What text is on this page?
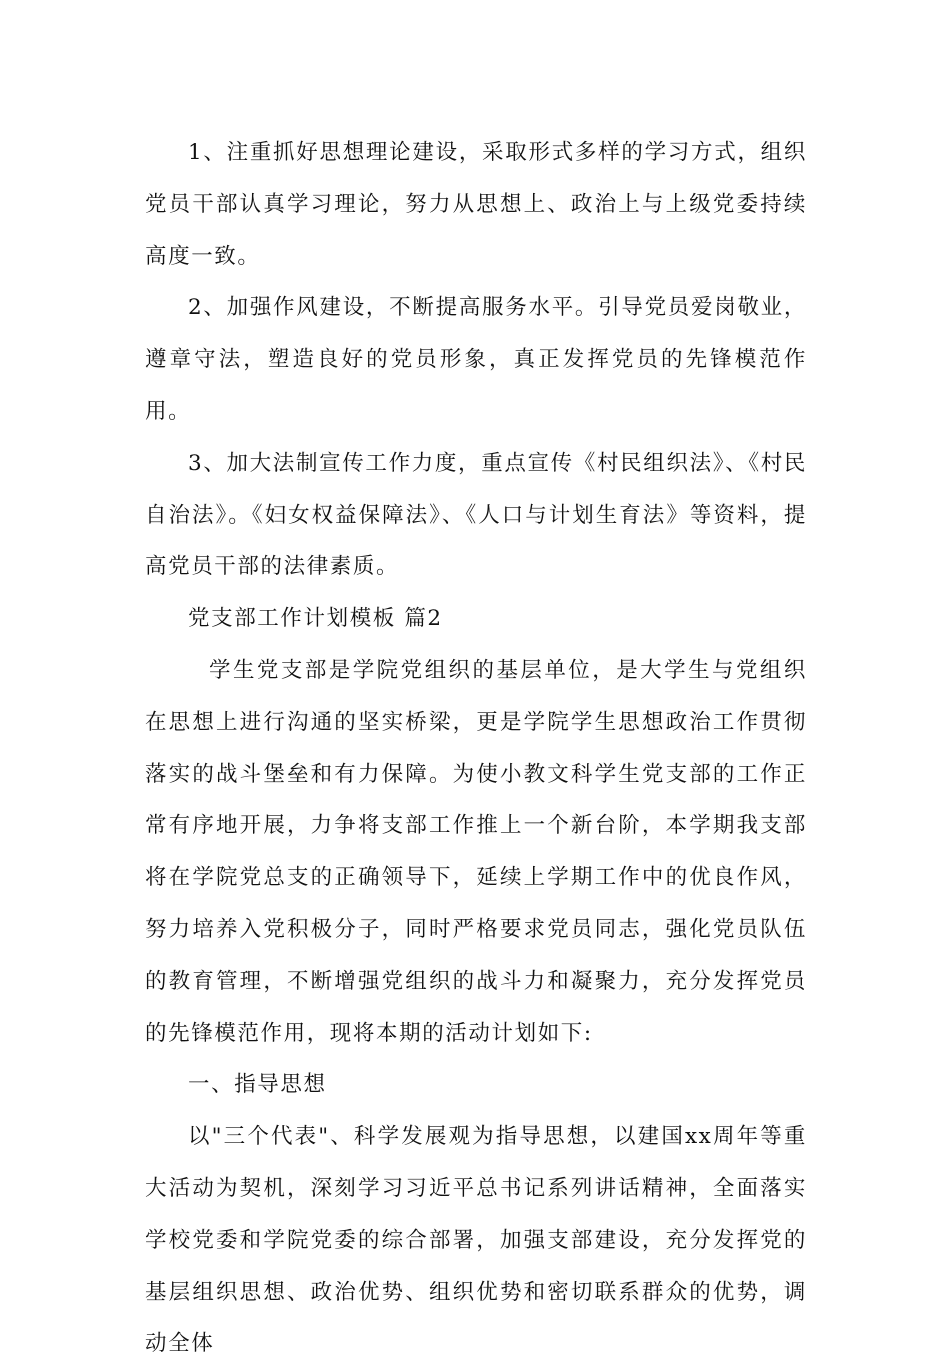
1、注重抓好思想理论建设，采取形式多样的学习方式，组织党员干部认真学习理论，努力从思想上、政治上与上级党委持续高度一致。

2、加强作风建设，不断提高服务水平。引导党员爱岗敬业，遵章守法，塑造良好的党员形象，真正发挥党员的先锋模范作用。

3、加大法制宣传工作力度，重点宣传《村民组织法》、《村民自治法》。《妇女权益保障法》、《人口与计划生育法》等资料，提高党员干部的法律素质。

党支部工作计划模板 篇2

学生党支部是学院党组织的基层单位，是大学生与党组织在思想上进行沟通的坚实桥梁，更是学院学生思想政治工作贯彻落实的战斗堡垒和有力保障。为使小教文科学生党支部的工作正常有序地开展，力争将支部工作推上一个新台阶，本学期我支部将在学院党总支的正确领导下，延续上学期工作中的优良作风，努力培养入党积极分子，同时严格要求党员同志，强化党员队伍的教育管理，不断增强党组织的战斗力和凝聚力，充分发挥党员的先锋模范作用，现将本期的活动计划如下:

一、指导思想

以"三个代表"、科学发展观为指导思想，以建国xx周年等重大活动为契机，深刻学习习近平总书记系列讲话精神，全面落实学校党委和学院党委的综合部署，加强支部建设，充分发挥党的基层组织思想、政治优势、组织优势和密切联系群众的优势，调动全体
